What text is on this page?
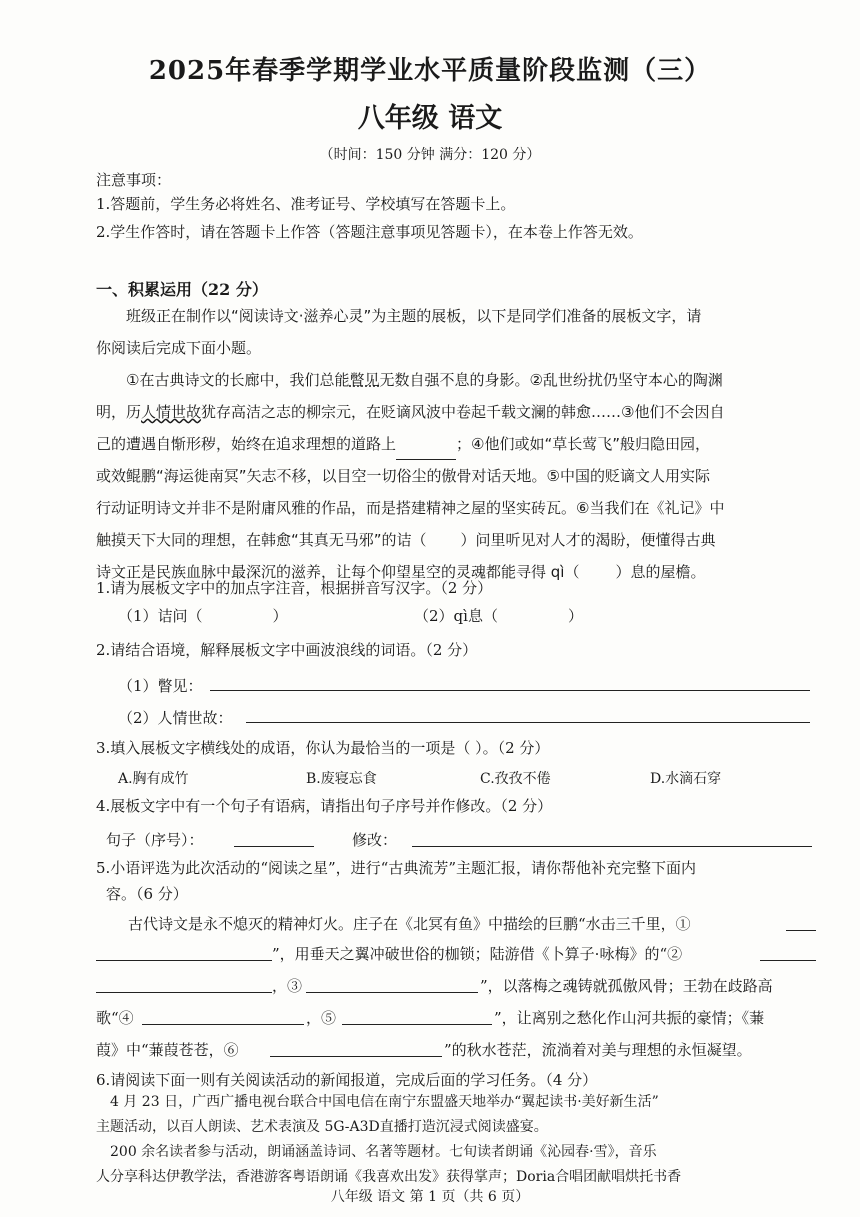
2025年春季学期学业水平质量阶段监测（三）
八年级 语文
（时间：150 分钟 满分：120 分）
注意事项：
1.答题前，学生务必将姓名、准考证号、学校填写在答题卡上。
2.学生作答时，请在答题卡上作答（答题注意事项见答题卡），在本卷上作答无效。
一、积累运用（22 分）
班级正在制作以“阅读诗文·滋养心灵”为主题的展板，以下是同学们准备的展板文字，请
你阅读后完成下面小题。
①在古典诗文的长廊中，我们总能瞥见无数自强不息的身影。②乱世纷扰仍坚守本心的陶渊
明，历人情世故犹存高洁之志的柳宗元，在贬谪风波中卷起千载文澜的韩愈……③他们不会因自
己的遭遇自惭形秽，始终在追求理想的道路上	；④他们或如“草长莺飞”般归隐田园，
或效鲲鹏“海运徙南冥”矢志不移，以目空一切俗尘的傲骨对话天地。⑤中国的贬谪文人用实际
行动证明诗文并非不是附庸风雅的作品，而是搭建精神之屋的坚实砖瓦。⑥当我们在《礼记》中
触摸天下大同的理想，在韩愈“其真无马邪”的诘（ ）问里听见对人才的渴盼，便懂得古典
诗文正是民族血脉中最深沉的滋养，让每个仰望星空的灵魂都能寻得 qì（ ）息的屋檐。
1.请为展板文字中的加点字注音，根据拼音写汉字。（2 分）
（1）诘问（	）	（2）qì息（	）
2.请结合语境，解释展板文字中画波浪线的词语。（2 分）
（1）瞥见：
（2）人情世故：
3.填入展板文字横线处的成语，你认为最恰当的一项是（ ）。（2 分）
A.胸有成竹	B.废寝忘食	C.孜孜不倦	D.水滴石穿
4.展板文字中有一个句子有语病，请指出句子序号并作修改。（2 分）
句子（序号）：	修改：
5.小语评选为此次活动的“阅读之星”，进行“古典流芳”主题汇报，请你帮他补充完整下面内
容。（6 分）
古代诗文是永不熄灭的精神灯火。庄子在《北冥有鱼》中描绘的巨鹏“水击三千里，①
”，用垂天之翼冲破世俗的枷锁；陆游借《卜算子·咏梅》的“②
，③	”，以落梅之魂铸就孤傲风骨；王勃在歧路高
歌“④	，⑤	”，让离别之愁化作山河共振的豪情；《蒹
葭》中“蒹葭苍苍，⑥	”的秋水苍茫，流淌着对美与理想的永恒凝望。
6.请阅读下面一则有关阅读活动的新闻报道，完成后面的学习任务。（4 分）
4 月 23 日，广西广播电视台联合中国电信在南宁东盟盛天地举办“翼起读书·美好新生活”
主题活动，以百人朗读、艺术表演及 5G-A3D直播打造沉浸式阅读盛宴。
200 余名读者参与活动，朗诵涵盖诗词、名著等题材。七旬读者朗诵《沁园春·雪》，音乐
人分享科达伊教学法，香港游客粤语朗诵《我喜欢出发》获得掌声；Doria合唱团献唱烘托书香
八年级 语文 第 1 页（共 6 页）
